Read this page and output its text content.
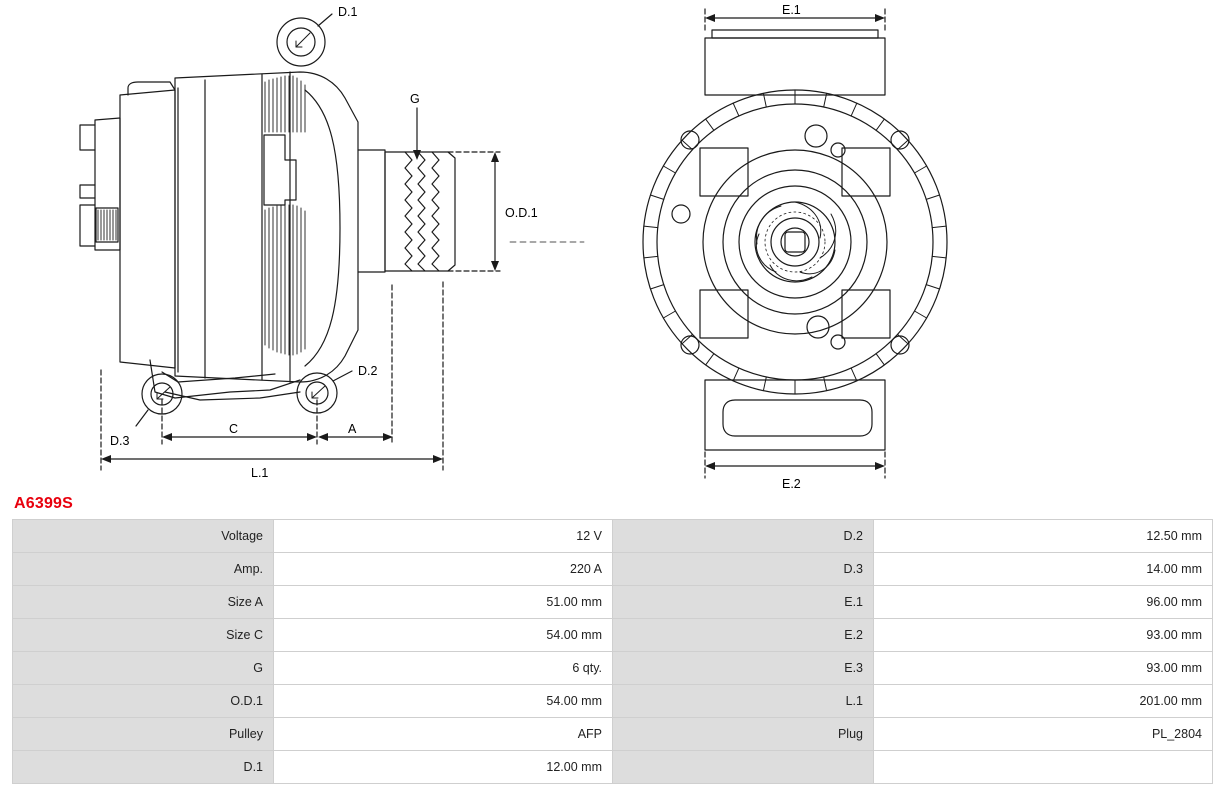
D.1
G
O.D.1
D.2
D.3
C	A
L.1
E.1
E.2
A6399S
Voltage	12 V	D.2	12.50 mm
Amp.	220 A	D.3	14.00 mm
Size A	51.00 mm	E.1	96.00 mm
Size C	54.00 mm	E.2	93.00 mm
G	6 qty.	E.3	93.00 mm
O.D.1	54.00 mm	L.1	201.00 mm
Pulley	AFP	Plug	PL_2804
D.1	12.00 mm		
